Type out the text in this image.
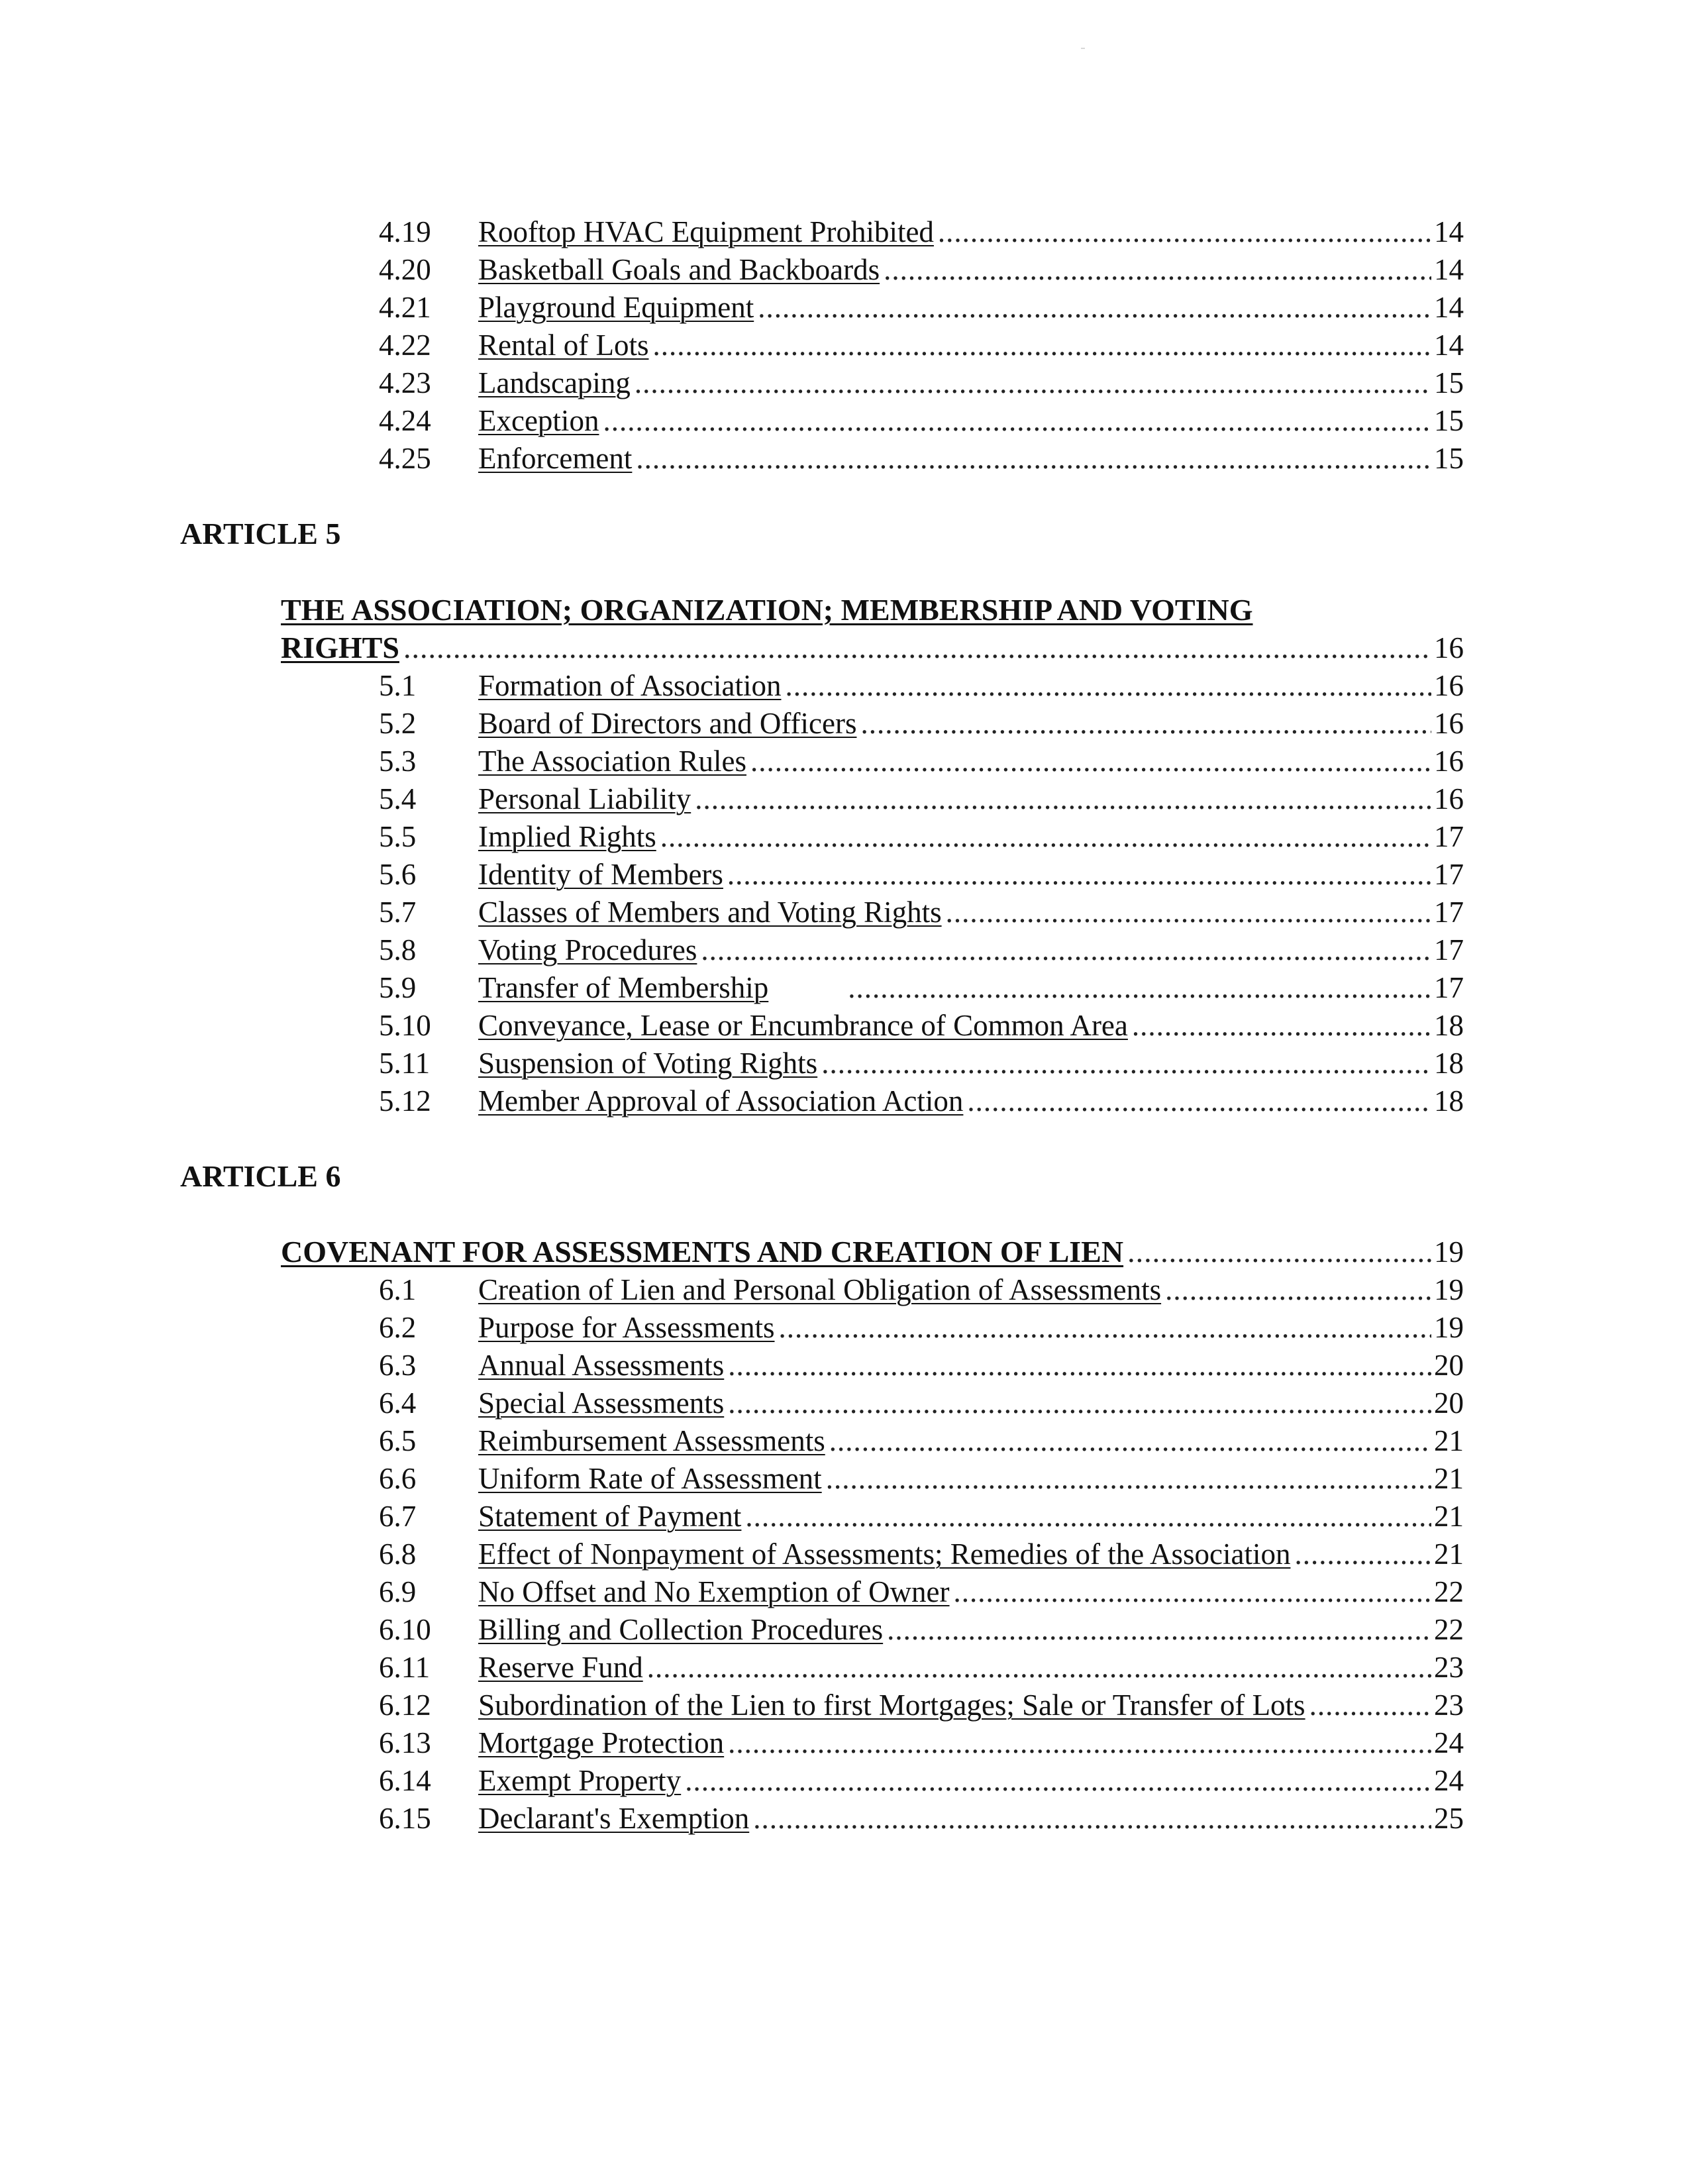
4.19	Rooftop HVAC Equipment Prohibited .....	14
4.20	Basketball Goals and Backboards .....	14
4.21	Playground Equipment .....	14
4.22	Rental of Lots .....	14
4.23	Landscaping .....	15
4.24	Exception .....	15
4.25	Enforcement .....	15
ARTICLE 5
THE ASSOCIATION; ORGANIZATION; MEMBERSHIP AND VOTING
RIGHTS .....	16
5.1	Formation of Association .....	16
5.2	Board of Directors and Officers .....	16
5.3	The Association Rules .....	16
5.4	Personal Liability .....	16
5.5	Implied Rights .....	17
5.6	Identity of Members .....	17
5.7	Classes of Members and Voting Rights .....	17
5.8	Voting Procedures .....	17
5.9	Transfer of Membership .....	17
5.10	Conveyance, Lease or Encumbrance of Common Area .....	18
5.11	Suspension of Voting Rights .....	18
5.12	Member Approval of Association Action .....	18
ARTICLE 6
COVENANT FOR ASSESSMENTS AND CREATION OF LIEN .....	19
6.1	Creation of Lien and Personal Obligation of Assessments .....	19
6.2	Purpose for Assessments .....	19
6.3	Annual Assessments .....	20
6.4	Special Assessments .....	20
6.5	Reimbursement Assessments .....	21
6.6	Uniform Rate of Assessment .....	21
6.7	Statement of Payment .....	21
6.8	Effect of Nonpayment of Assessments; Remedies of the Association .....	21
6.9	No Offset and No Exemption of Owner .....	22
6.10	Billing and Collection Procedures .....	22
6.11	Reserve Fund .....	23
6.12	Subordination of the Lien to first Mortgages; Sale or Transfer of Lots .....	23
6.13	Mortgage Protection .....	24
6.14	Exempt Property .....	24
6.15	Declarant's Exemption .....	25
